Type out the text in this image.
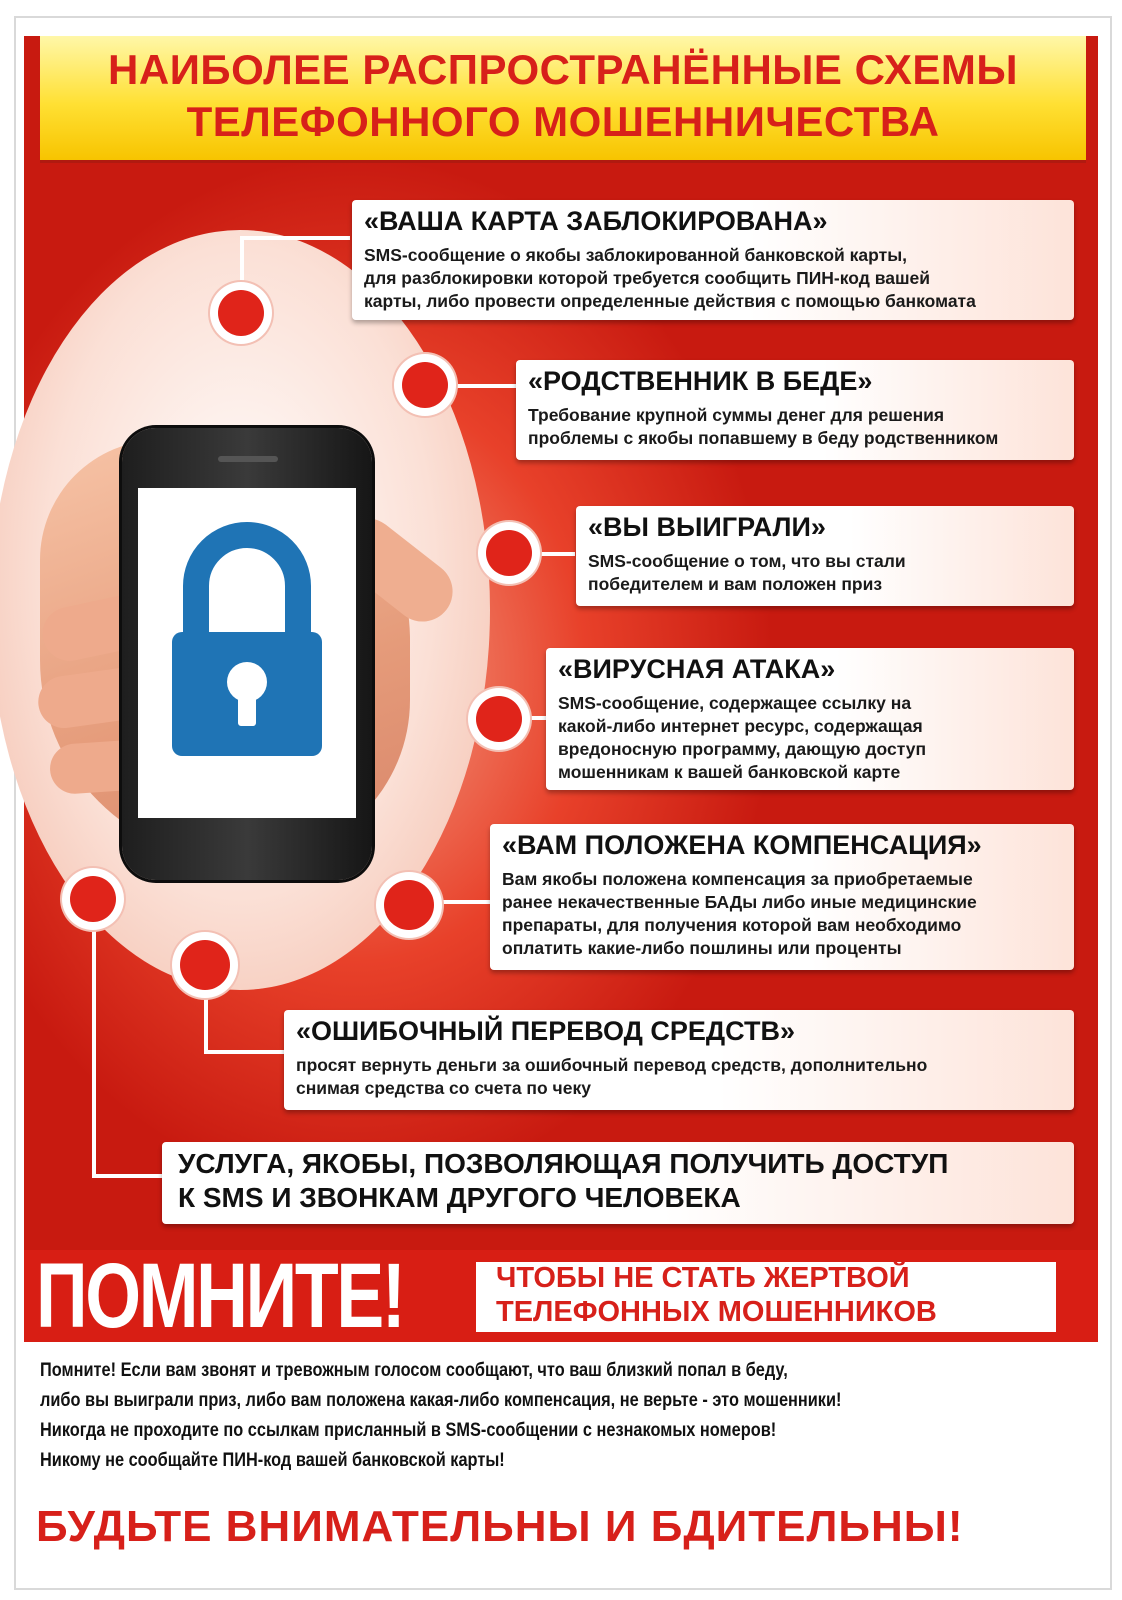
НАИБОЛЕЕ РАСПРОСТРАНЁННЫЕ СХЕМЫ
ТЕЛЕФОННОГО МОШЕННИЧЕСТВА
«ВАША КАРТА ЗАБЛОКИРОВАНА»
SMS-сообщение о якобы заблокированной банковской карты,
для разблокировки которой требуется сообщить ПИН-код вашей
карты, либо провести определенные действия с помощью банкомата
«РОДСТВЕННИК В БЕДЕ»
Требование крупной суммы денег для решения
проблемы с якобы попавшему в беду родственником
«ВЫ ВЫИГРАЛИ»
SMS-сообщение о том, что вы стали
победителем и вам положен приз
«ВИРУСНАЯ АТАКА»
SMS-сообщение, содержащее ссылку на
какой-либо интернет ресурс, содержащая
вредоносную программу, дающую доступ
мошенникам к вашей банковской карте
«ВАМ ПОЛОЖЕНА КОМПЕНСАЦИЯ»
Вам якобы положена компенсация за приобретаемые
ранее некачественные БАДы либо иные медицинские
препараты, для получения которой вам необходимо
оплатить какие-либо пошлины или проценты
«ОШИБОЧНЫЙ ПЕРЕВОД СРЕДСТВ»
просят вернуть деньги за ошибочный перевод средств, дополнительно
снимая средства со счета по чеку
УСЛУГА, ЯКОБЫ, ПОЗВОЛЯЮЩАЯ ПОЛУЧИТЬ ДОСТУП
К SMS И ЗВОНКАМ ДРУГОГО ЧЕЛОВЕКА
ПОМНИТЕ!	ЧТОБЫ НЕ СТАТЬ ЖЕРТВОЙ
ТЕЛЕФОННЫХ МОШЕННИКОВ
Помните! Если вам звонят и тревожным голосом сообщают, что ваш близкий попал в беду,
либо вы выиграли приз, либо вам положена какая-либо компенсация, не верьте - это мошенники!
Никогда не проходите по ссылкам присланный в SMS-сообщении с незнакомых номеров!
Никому не сообщайте ПИН-код вашей банковской карты!
БУДЬТЕ ВНИМАТЕЛЬНЫ И БДИТЕЛЬНЫ!
